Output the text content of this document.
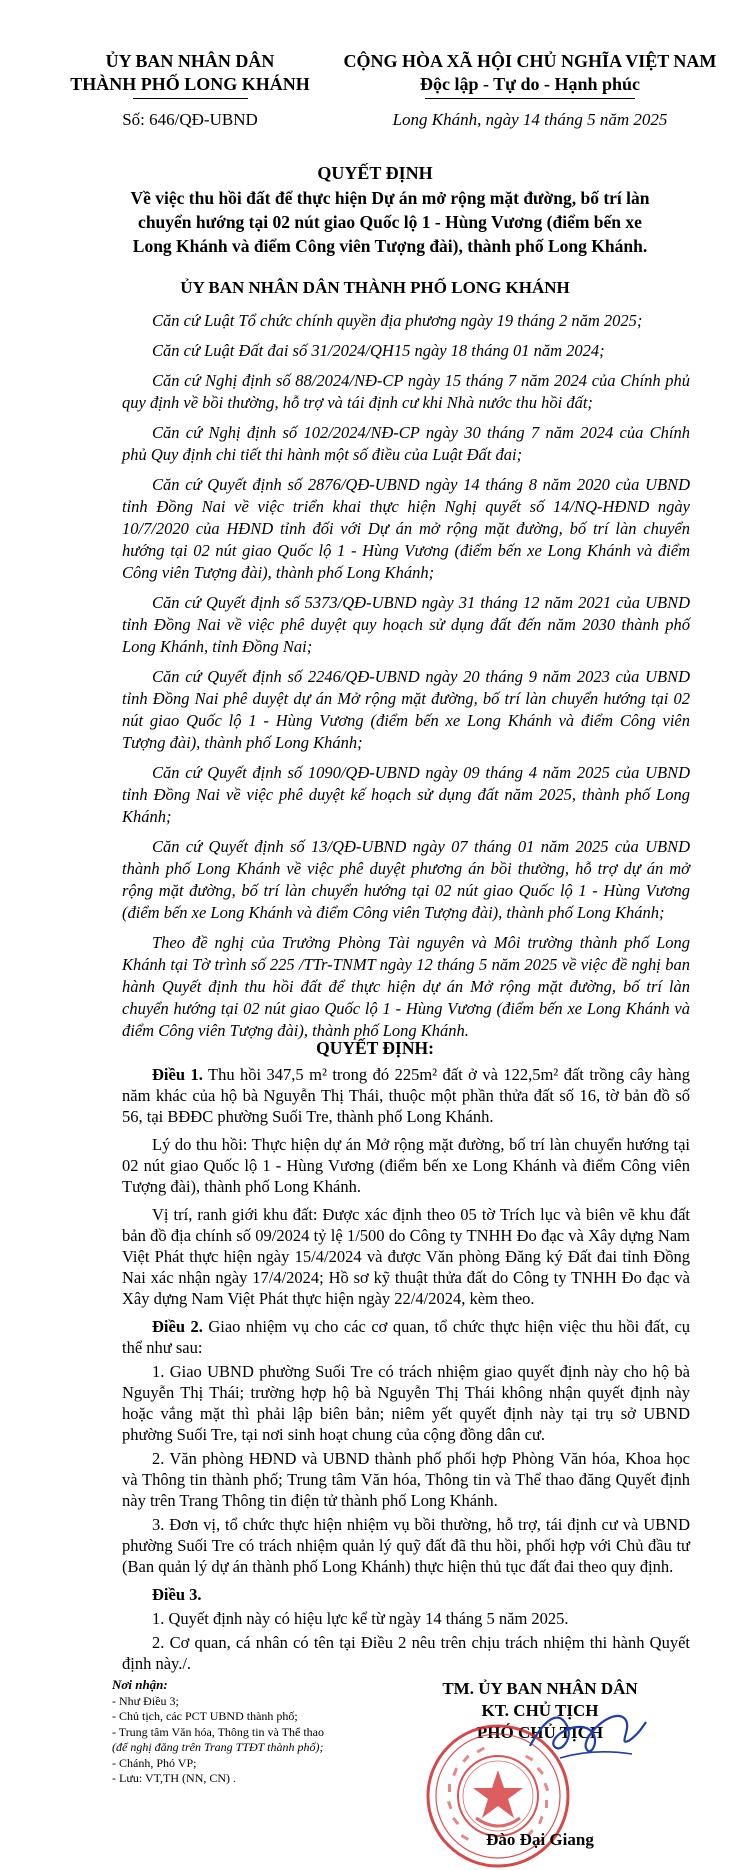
ỦY BAN NHÂN DÂN
THÀNH PHỐ LONG KHÁNH
CỘNG HÒA XÃ HỘI CHỦ NGHĨA VIỆT NAM
Độc lập - Tự do - Hạnh phúc
Số: 646/QĐ-UBND	Long Khánh, ngày 14 tháng 5 năm 2025
QUYẾT ĐỊNH
Về việc thu hồi đất để thực hiện Dự án mở rộng mặt đường, bố trí làn chuyển hướng tại 02 nút giao Quốc lộ 1 - Hùng Vương (điểm bến xe Long Khánh và điểm Công viên Tượng đài), thành phố Long Khánh.
ỦY BAN NHÂN DÂN THÀNH PHỐ LONG KHÁNH

Căn cứ Luật Tổ chức chính quyền địa phương ngày 19 tháng 2 năm 2025;

Căn cứ Luật Đất đai số 31/2024/QH15 ngày 18 tháng 01 năm 2024;

Căn cứ Nghị định số 88/2024/NĐ-CP ngày 15 tháng 7 năm 2024 của Chính phủ quy định về bồi thường, hỗ trợ và tái định cư khi Nhà nước thu hồi đất;

Căn cứ Nghị định số 102/2024/NĐ-CP ngày 30 tháng 7 năm 2024 của Chính phủ Quy định chi tiết thi hành một số điều của Luật Đất đai;

Căn cứ Quyết định số 2876/QĐ-UBND ngày 14 tháng 8 năm 2020 của UBND tỉnh Đồng Nai về việc triển khai thực hiện Nghị quyết số 14/NQ-HĐND ngày 10/7/2020 của HĐND tỉnh đối với Dự án mở rộng mặt đường, bố trí làn chuyển hướng tại 02 nút giao Quốc lộ 1 - Hùng Vương (điểm bến xe Long Khánh và điểm Công viên Tượng đài), thành phố Long Khánh;

Căn cứ Quyết định số 5373/QĐ-UBND ngày 31 tháng 12 năm 2021 của UBND tỉnh Đồng Nai về việc phê duyệt quy hoạch sử dụng đất đến năm 2030 thành phố Long Khánh, tỉnh Đồng Nai;

Căn cứ Quyết định số 2246/QĐ-UBND ngày 20 tháng 9 năm 2023 của UBND tỉnh Đồng Nai phê duyệt dự án Mở rộng mặt đường, bố trí làn chuyển hướng tại 02 nút giao Quốc lộ 1 - Hùng Vương (điểm bến xe Long Khánh và điểm Công viên Tượng đài), thành phố Long Khánh;

Căn cứ Quyết định số 1090/QĐ-UBND ngày 09 tháng 4 năm 2025 của UBND tỉnh Đồng Nai về việc phê duyệt kế hoạch sử dụng đất năm 2025, thành phố Long Khánh;

Căn cứ Quyết định số 13/QĐ-UBND ngày 07 tháng 01 năm 2025 của UBND thành phố Long Khánh về việc phê duyệt phương án bồi thường, hỗ trợ dự án mở rộng mặt đường, bố trí làn chuyển hướng tại 02 nút giao Quốc lộ 1 - Hùng Vương (điểm bến xe Long Khánh và điểm Công viên Tượng đài), thành phố Long Khánh;

Theo đề nghị của Trưởng Phòng Tài nguyên và Môi trường thành phố Long Khánh tại Tờ trình số 225 /TTr-TNMT ngày 12 tháng 5 năm 2025 về việc đề nghị ban hành Quyết định thu hồi đất để thực hiện dự án Mở rộng mặt đường, bố trí làn chuyển hướng tại 02 nút giao Quốc lộ 1 - Hùng Vương (điểm bến xe Long Khánh và điểm Công viên Tượng đài), thành phố Long Khánh.

QUYẾT ĐỊNH:

Điều 1. Thu hồi 347,5 m² trong đó 225m² đất ở và 122,5m² đất trồng cây hàng năm khác của hộ bà Nguyễn Thị Thái, thuộc một phần thửa đất số 16, tờ bản đồ số 56, tại BĐĐC phường Suối Tre, thành phố Long Khánh.

Lý do thu hồi: Thực hiện dự án Mở rộng mặt đường, bố trí làn chuyển hướng tại 02 nút giao Quốc lộ 1 - Hùng Vương (điểm bến xe Long Khánh và điểm Công viên Tượng đài), thành phố Long Khánh.

Vị trí, ranh giới khu đất: Được xác định theo 05 tờ Trích lục và biên vẽ khu đất bản đồ địa chính số 09/2024 tỷ lệ 1/500 do Công ty TNHH Đo đạc và Xây dựng Nam Việt Phát thực hiện ngày 15/4/2024 và được Văn phòng Đăng ký Đất đai tỉnh Đồng Nai xác nhận ngày 17/4/2024; Hồ sơ kỹ thuật thửa đất do Công ty TNHH Đo đạc và Xây dựng Nam Việt Phát thực hiện ngày 22/4/2024, kèm theo.

Điều 2. Giao nhiệm vụ cho các cơ quan, tổ chức thực hiện việc thu hồi đất, cụ thể như sau:

1. Giao UBND phường Suối Tre có trách nhiệm giao quyết định này cho hộ bà Nguyễn Thị Thái; trường hợp hộ bà Nguyễn Thị Thái không nhận quyết định này hoặc vắng mặt thì phải lập biên bản; niêm yết quyết định này tại trụ sở UBND phường Suối Tre, tại nơi sinh hoạt chung của cộng đồng dân cư.

2. Văn phòng HĐND và UBND thành phố phối hợp Phòng Văn hóa, Khoa học và Thông tin thành phố; Trung tâm Văn hóa, Thông tin và Thể thao đăng Quyết định này trên Trang Thông tin điện tử thành phố Long Khánh.

3. Đơn vị, tổ chức thực hiện nhiệm vụ bồi thường, hỗ trợ, tái định cư và UBND phường Suối Tre có trách nhiệm quản lý quỹ đất đã thu hồi, phối hợp với Chủ đầu tư (Ban quản lý dự án thành phố Long Khánh) thực hiện thủ tục đất đai theo quy định.

Điều 3.

1. Quyết định này có hiệu lực kể từ ngày 14 tháng 5 năm 2025.

2. Cơ quan, cá nhân có tên tại Điều 2 nêu trên chịu trách nhiệm thi hành Quyết định này./.

Nơi nhận:
- Như Điều 3;
- Chủ tịch, các PCT UBND thành phố;
- Trung tâm Văn hóa, Thông tin và Thể thao
(để nghị đăng trên Trang TTĐT thành phố);
- Chánh, Phó VP;
- Lưu: VT,TH (NN, CN) .
TM. ỦY BAN NHÂN DÂN
KT. CHỦ TỊCH
PHÓ CHỦ TỊCH
Đào Đại Giang
